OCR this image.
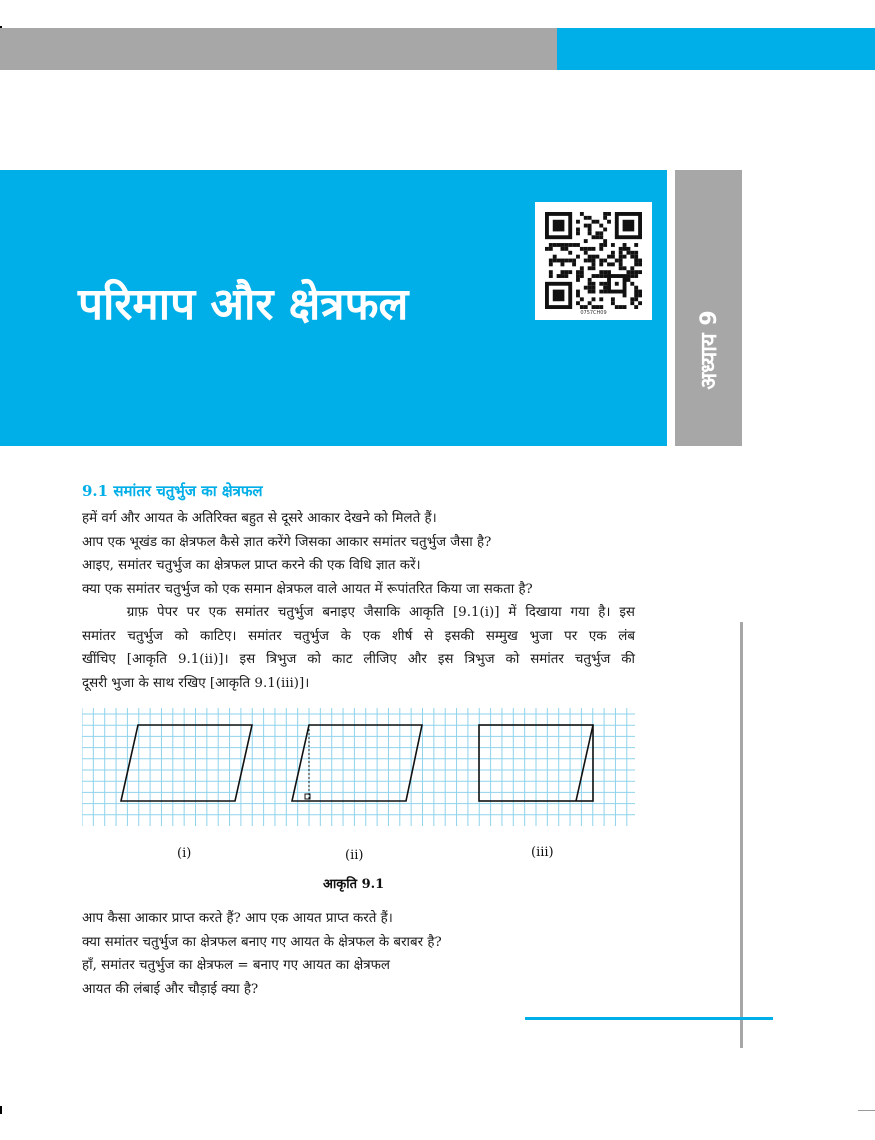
परिमाप और क्षेत्रफल	0757CH09	अध्याय 9
9.1 समांतर चतुर्भुज का क्षेत्रफल

हमें वर्ग और आयत के अतिरिक्त बहुत से दूसरे आकार देखने को मिलते हैं।

आप एक भूखंड का क्षेत्रफल कैसे ज्ञात करेंगे जिसका आकार समांतर चतुर्भुज जैसा है?

आइए, समांतर चतुर्भुज का क्षेत्रफल प्राप्त करने की एक विधि ज्ञात करें।

क्या एक समांतर चतुर्भुज को एक समान क्षेत्रफल वाले आयत में रूपांतरित किया जा सकता है?

ग्राफ़ पेपर पर एक समांतर चतुर्भुज बनाइए जैसाकि आकृति [9.1(i)] में दिखाया गया है। इस

समांतर चतुर्भुज को काटिए। समांतर चतुर्भुज के एक शीर्ष से इसकी सम्मुख भुजा पर एक लंब

खींचिए [आकृति 9.1(ii)]। इस त्रिभुज को काट लीजिए और इस त्रिभुज को समांतर चतुर्भुज की

दूसरी भुजा के साथ रखिए [आकृति 9.1(iii)]।

(i)	(ii)	(iii)
आकृति 9.1

आप कैसा आकार प्राप्त करते हैं? आप एक आयत प्राप्त करते हैं।

क्या समांतर चतुर्भुज का क्षेत्रफल बनाए गए आयत के क्षेत्रफल के बराबर है?

हाँ, समांतर चतुर्भुज का क्षेत्रफल = बनाए गए आयत का क्षेत्रफल

आयत की लंबाई और चौड़ाई क्या है?
